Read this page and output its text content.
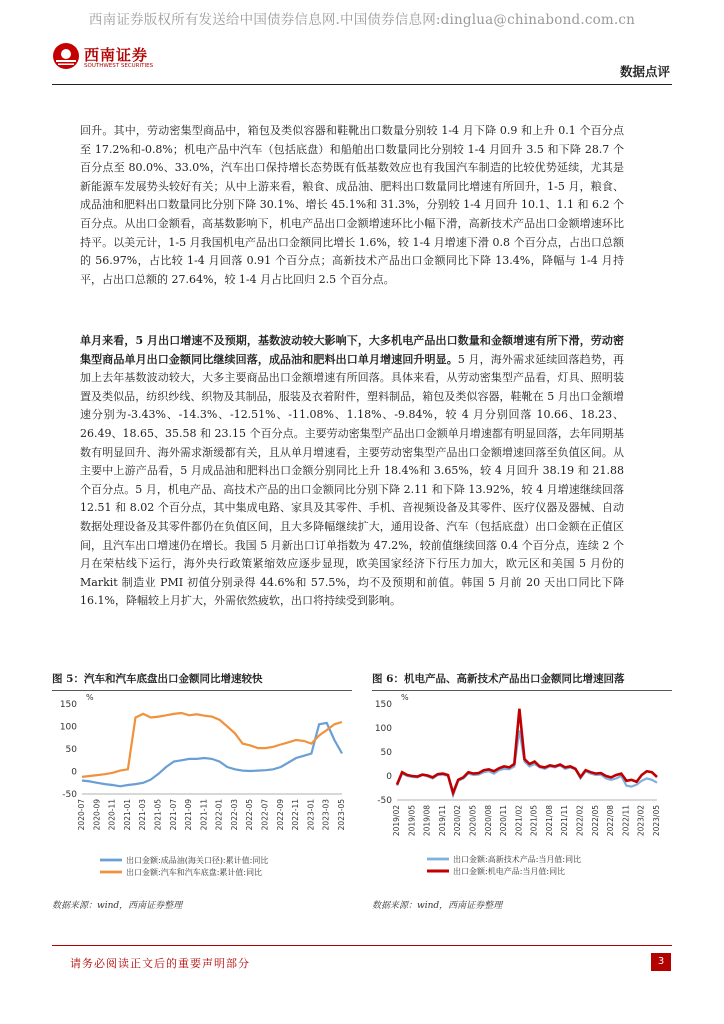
西南证券版权所有发送给中国债券信息网.中国债券信息网:dinglua@chinabond.com.cn
西南证券
SOUTHWEST SECURITIES	数据点评
回升。其中，劳动密集型商品中，箱包及类似容器和鞋靴出口数量分别较 1-4 月下降 0.9 和上升 0.1 个百分点至 17.2%和-0.8%；机电产品中汽车（包括底盘）和船舶出口数量同比分别较 1-4 月回升 3.5 和下降 28.7 个百分点至 80.0%、33.0%，汽车出口保持增长态势既有低基数效应也有我国汽车制造的比较优势延续，尤其是新能源车发展势头较好有关；从中上游来看，粮食、成品油、肥料出口数量同比增速有所回升，1-5 月，粮食、成品油和肥料出口数量同比分别下降 30.1%、增长 45.1%和 31.3%，分别较 1-4 月回升 10.1、1.1 和 6.2 个百分点。从出口金额看，高基数影响下，机电产品出口金额增速环比小幅下滑，高新技术产品出口金额增速环比持平。以美元计，1-5 月我国机电产品出口金额同比增长 1.6%，较 1-4 月增速下滑 0.8 个百分点，占出口总额的 56.97%，占比较 1-4 月回落 0.91 个百分点；高新技术产品出口金额同比下降 13.4%，降幅与 1-4 月持平，占出口总额的 27.64%，较 1-4 月占比回归 2.5 个百分点。
单月来看，5 月出口增速不及预期，基数波动较大影响下，大多机电产品出口数量和金额增速有所下滑，劳动密集型商品单月出口金额同比继续回落，成品油和肥料出口单月增速回升明显。5 月，海外需求延续回落趋势，再加上去年基数波动较大，大多主要商品出口金额增速有所回落。具体来看，从劳动密集型产品看，灯具、照明装置及类似品，纺织纱线、织物及其制品，服装及衣着附件，塑料制品，箱包及类似容器，鞋靴在 5 月出口金额增速分别为-3.43%、-14.3%、-12.51%、-11.08%、1.18%、-9.84%，较 4 月分别回落 10.66、18.23、26.49、18.65、35.58 和 23.15 个百分点。主要劳动密集型产品出口金额单月增速都有明显回落，去年同期基数有明显回升、海外需求渐缓都有关，且从单月增速看，主要劳动密集型产品出口金额增速回落至负值区间。从主要中上游产品看，5 月成品油和肥料出口金额分别同比上升 18.4%和 3.65%，较 4 月回升 38.19 和 21.88 个百分点。5 月，机电产品、高技术产品的出口金额同比分别下降 2.11 和下降 13.92%，较 4 月增速继续回落 12.51 和 8.02 个百分点，其中集成电路、家具及其零件、手机、音视频设备及其零件、医疗仪器及器械、自动数据处理设备及其零件都仍在负值区间，且大多降幅继续扩大，通用设备、汽车（包括底盘）出口金额在正值区间，且汽车出口增速仍在增长。我国 5 月新出口订单指数为 47.2%，较前值继续回落 0.4 个百分点，连续 2 个月在荣枯线下运行，海外央行政策紧缩效应逐步显现，欧美国家经济下行压力加大，欧元区和美国 5 月份的 Markit 制造业 PMI 初值分别录得 44.6%和 57.5%，均不及预期和前值。韩国 5 月前 20 天出口同比下降 16.1%，降幅较上月扩大，外需依然疲软，出口将持续受到影响。
图 5：汽车和汽车底盘出口金额同比增速较快
%
-50
0
50
100
150
2020-07 2020-09 2020-11 2021-01 2021-03 2021-05 2021-07 2021-09 2021-11 2022-01 2022-03 2022-05 2022-07 2022-09 2022-11 2023-01 2023-03 2023-05
出口金额:成品油(海关口径):累计值:同比
出口金额:汽车和汽车底盘:累计值:同比
数据来源：wind，西南证券整理
图 6：机电产品、高新技术产品出口金额同比增速回落
%
-50
0
50
100
150
2019/02 2019/05 2019/08 2019/11 2020/02 2020/05 2020/08 2020/11 2021/02 2021/05 2021/08 2021/11 2022/02 2022/05 2022/08 2022/11 2023/02 2023/05
出口金额:高新技术产品:当月值:同比
出口金额:机电产品:当月值:同比
数据来源：wind，西南证券整理
请务必阅读正文后的重要声明部分	3
